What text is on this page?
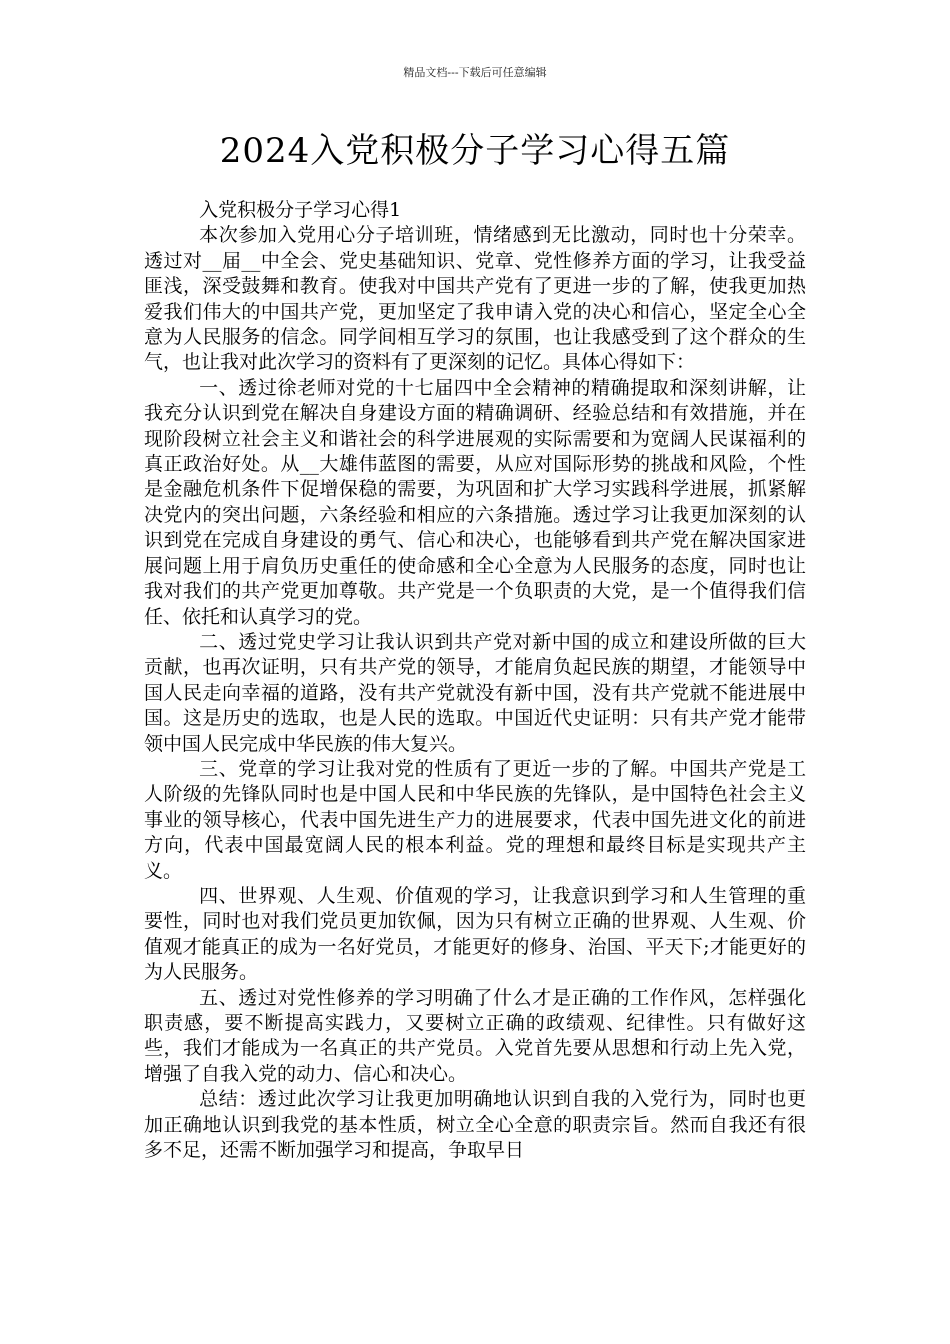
精品文档---下载后可任意编辑
2024入党积极分子学习心得五篇

入党积极分子学习心得1

本次参加入党用心分子培训班，情绪感到无比激动，同时也十分荣幸。透过对__届__中全会、党史基础知识、党章、党性修养方面的学习，让我受益匪浅，深受鼓舞和教育。使我对中国共产党有了更进一步的了解，使我更加热爱我们伟大的中国共产党，更加坚定了我申请入党的决心和信心，坚定全心全意为人民服务的信念。同学间相互学习的氛围，也让我感受到了这个群众的生气，也让我对此次学习的资料有了更深刻的记忆。具体心得如下：

一、透过徐老师对党的十七届四中全会精神的精确提取和深刻讲解，让我充分认识到党在解决自身建设方面的精确调研、经验总结和有效措施，并在现阶段树立社会主义和谐社会的科学进展观的实际需要和为宽阔人民谋福利的真正政治好处。从__大雄伟蓝图的需要，从应对国际形势的挑战和风险，个性是金融危机条件下促增保稳的需要，为巩固和扩大学习实践科学进展，抓紧解决党内的突出问题，六条经验和相应的六条措施。透过学习让我更加深刻的认识到党在完成自身建设的勇气、信心和决心，也能够看到共产党在解决国家进展问题上用于肩负历史重任的使命感和全心全意为人民服务的态度，同时也让我对我们的共产党更加尊敬。共产党是一个负职责的大党，是一个值得我们信任、依托和认真学习的党。

二、透过党史学习让我认识到共产党对新中国的成立和建设所做的巨大贡献，也再次证明，只有共产党的领导，才能肩负起民族的期望，才能领导中国人民走向幸福的道路，没有共产党就没有新中国，没有共产党就不能进展中国。这是历史的选取，也是人民的选取。中国近代史证明：只有共产党才能带领中国人民完成中华民族的伟大复兴。

三、党章的学习让我对党的性质有了更近一步的了解。中国共产党是工人阶级的先锋队同时也是中国人民和中华民族的先锋队，是中国特色社会主义事业的领导核心，代表中国先进生产力的进展要求，代表中国先进文化的前进方向，代表中国最宽阔人民的根本利益。党的理想和最终目标是实现共产主义。

四、世界观、人生观、价值观的学习，让我意识到学习和人生管理的重要性，同时也对我们党员更加钦佩，因为只有树立正确的世界观、人生观、价值观才能真正的成为一名好党员，才能更好的修身、治国、平天下;才能更好的为人民服务。

五、透过对党性修养的学习明确了什么才是正确的工作作风，怎样强化职责感，要不断提高实践力，又要树立正确的政绩观、纪律性。只有做好这些，我们才能成为一名真正的共产党员。入党首先要从思想和行动上先入党，增强了自我入党的动力、信心和决心。

总结：透过此次学习让我更加明确地认识到自我的入党行为，同时也更加正确地认识到我党的基本性质，树立全心全意的职责宗旨。然而自我还有很多不足，还需不断加强学习和提高，争取早日
